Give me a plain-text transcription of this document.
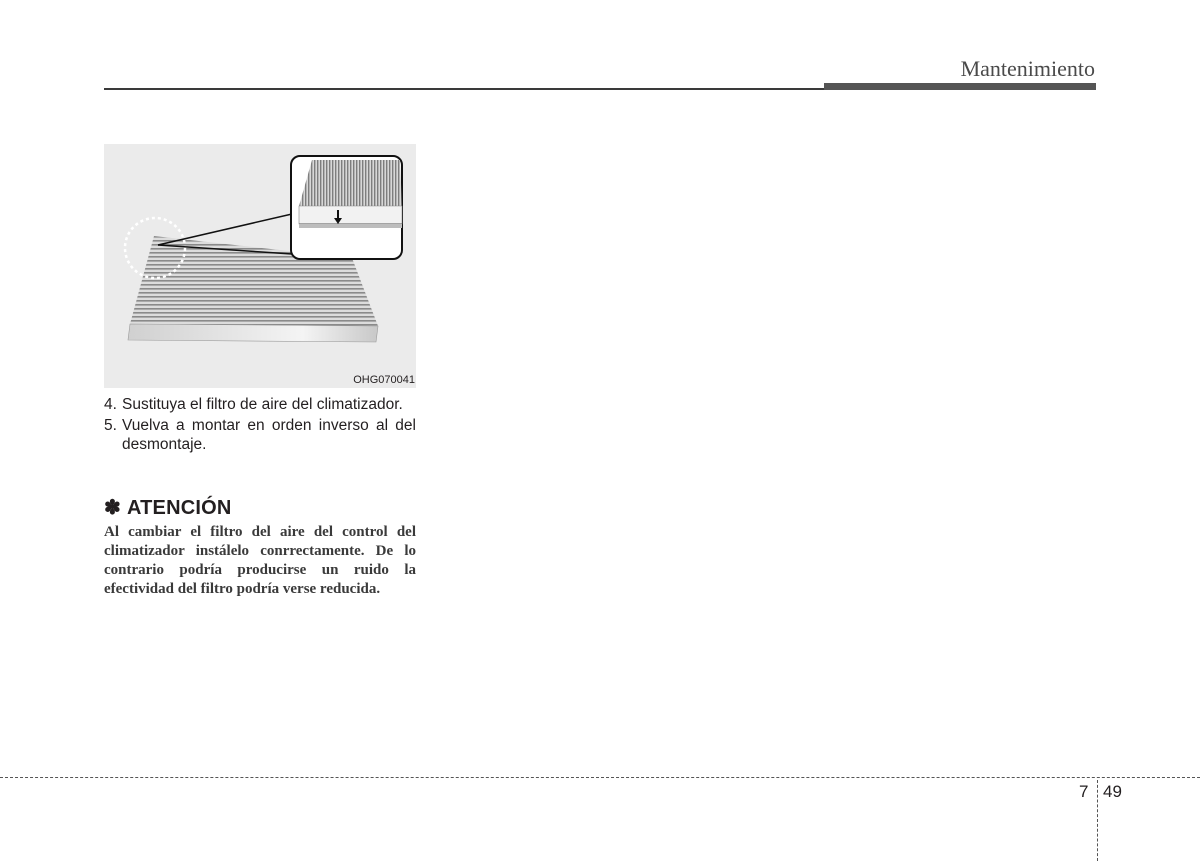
Mantenimiento
OHG070041
4. Sustituya el filtro de aire del climatizador.
5. Vuelva a montar en orden inverso al del desmontaje.
✽ ATENCIÓN
Al cambiar el filtro del aire del control del climatizador instálelo conrrectamente. De lo contrario podría producirse un ruido la efectividad del filtro podría verse reducida.
7 49
